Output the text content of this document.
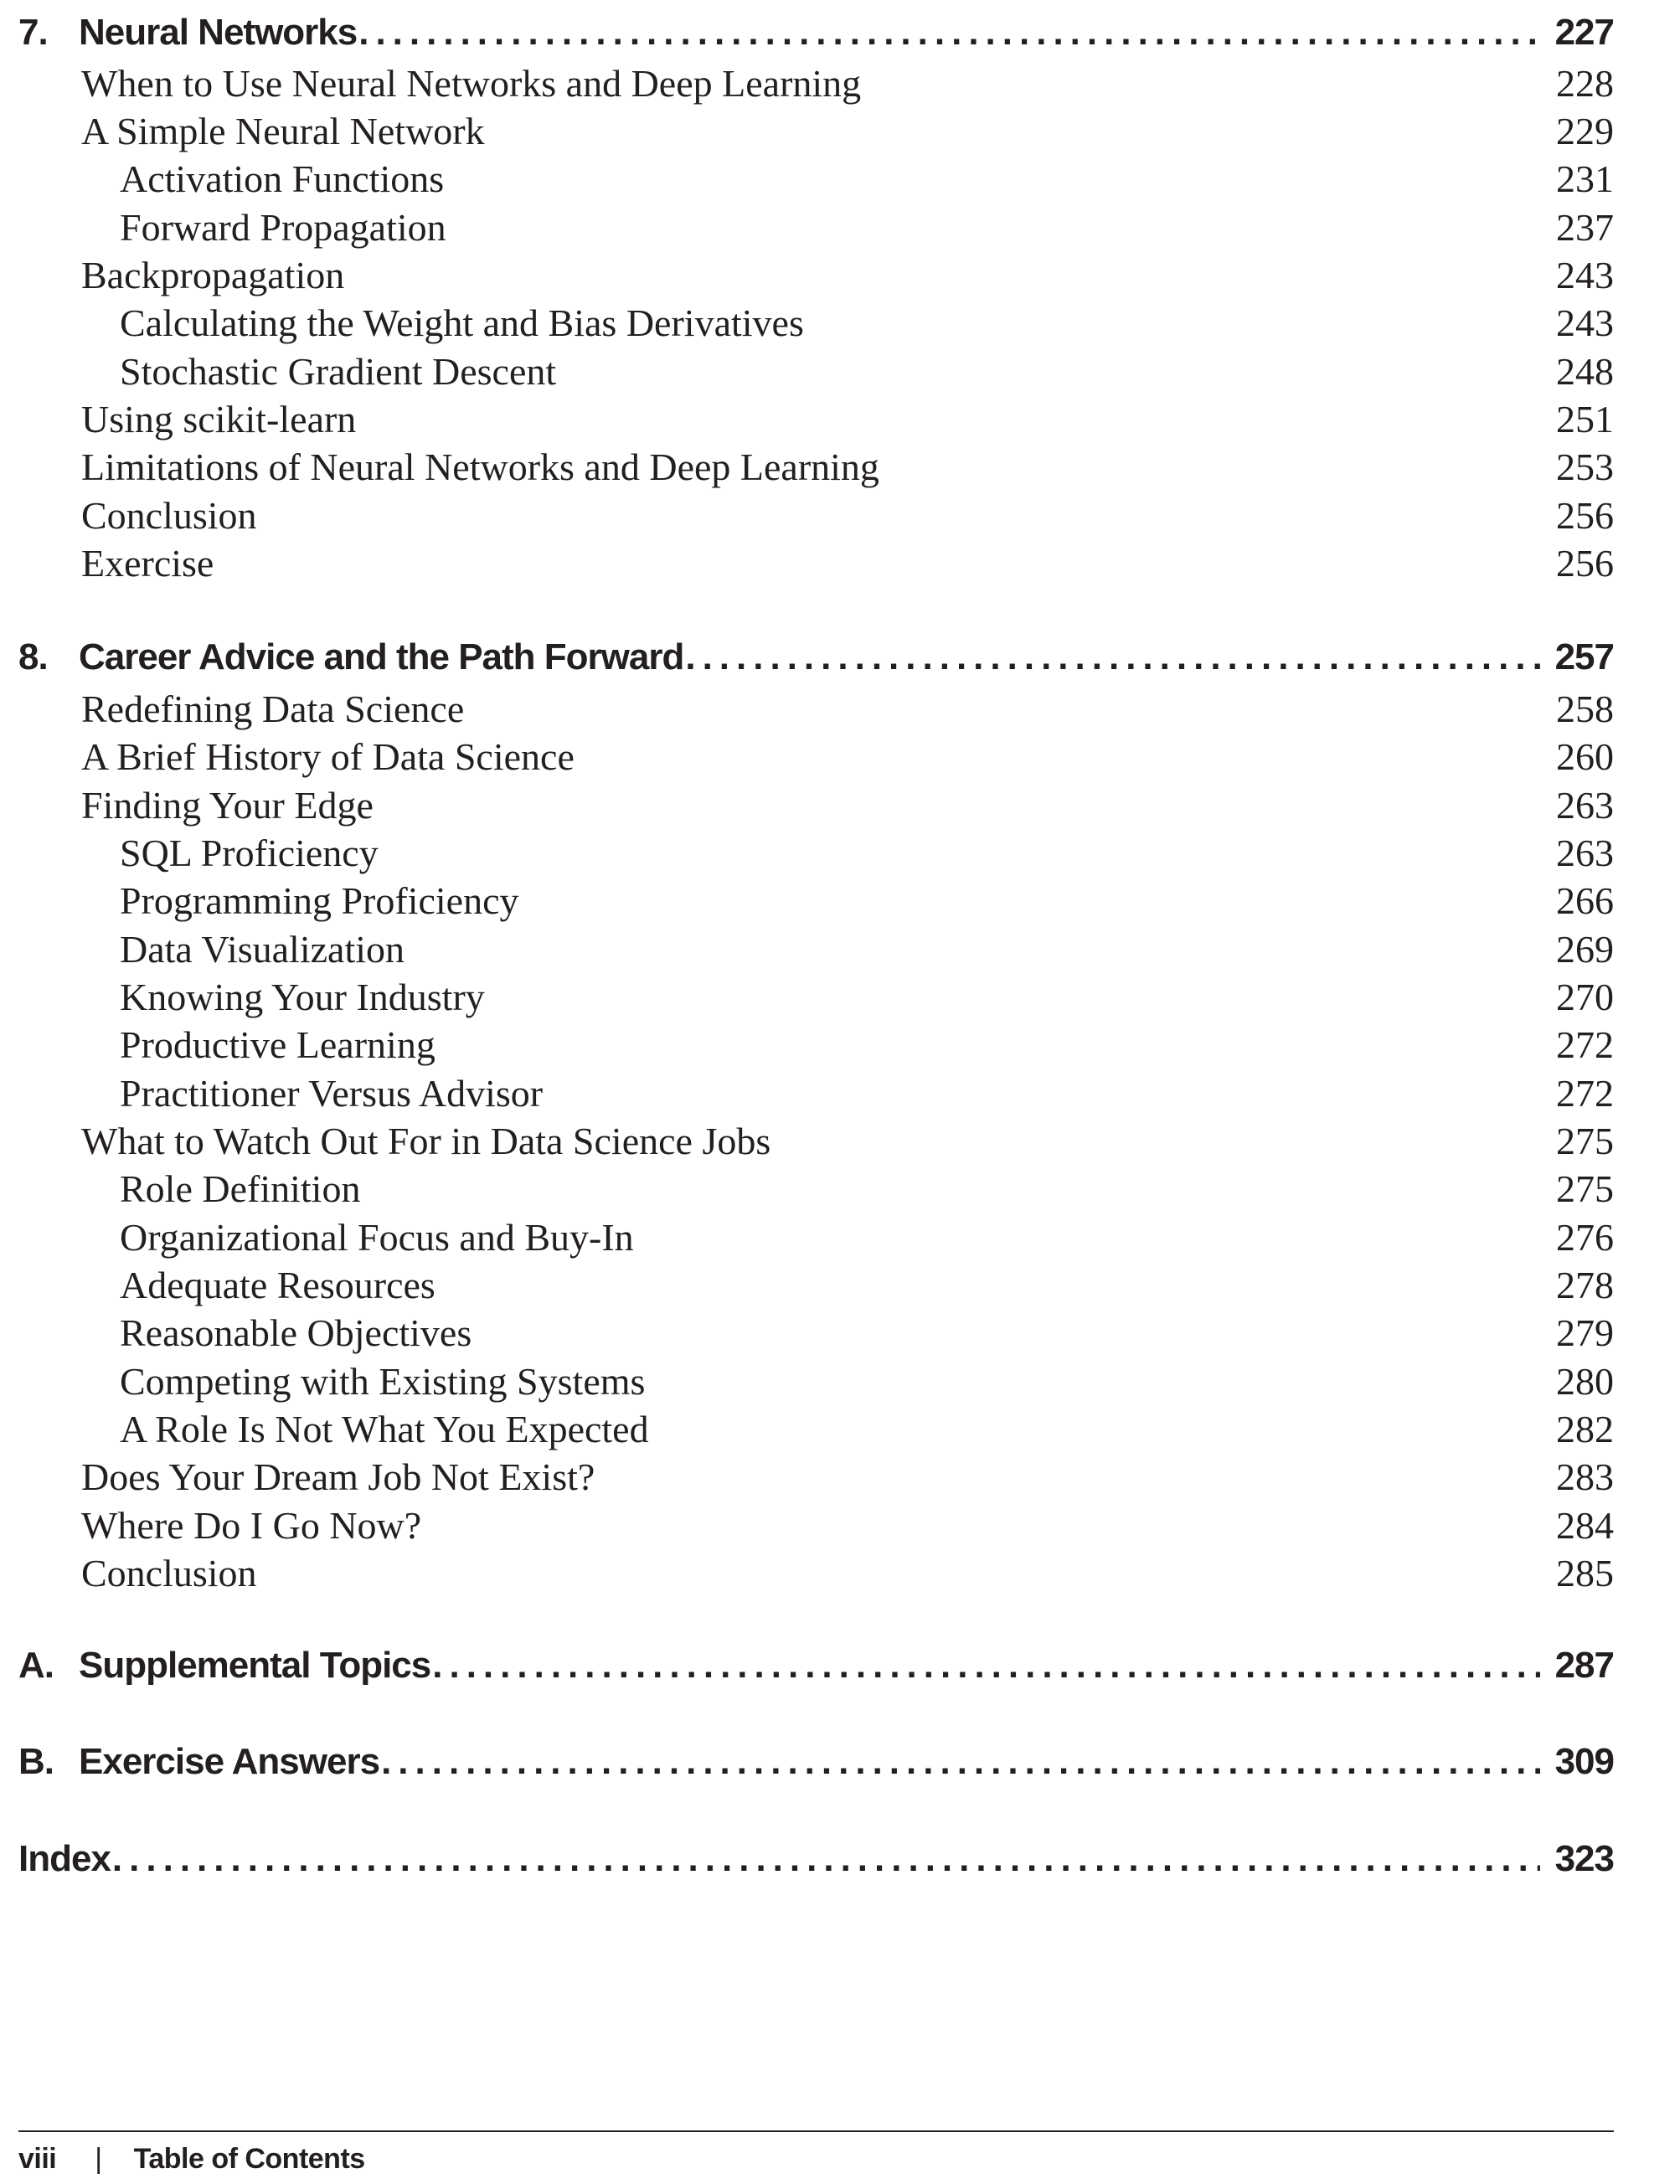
7. Neural Networks .....	227
When to Use Neural Networks and Deep Learning	228
A Simple Neural Network	229
Activation Functions	231
Forward Propagation	237
Backpropagation	243
Calculating the Weight and Bias Derivatives	243
Stochastic Gradient Descent	248
Using scikit-learn	251
Limitations of Neural Networks and Deep Learning	253
Conclusion	256
Exercise	256
8. Career Advice and the Path Forward .....	257
Redefining Data Science	258
A Brief History of Data Science	260
Finding Your Edge	263
SQL Proficiency	263
Programming Proficiency	266
Data Visualization	269
Knowing Your Industry	270
Productive Learning	272
Practitioner Versus Advisor	272
What to Watch Out For in Data Science Jobs	275
Role Definition	275
Organizational Focus and Buy-In	276
Adequate Resources	278
Reasonable Objectives	279
Competing with Existing Systems	280
A Role Is Not What You Expected	282
Does Your Dream Job Not Exist?	283
Where Do I Go Now?	284
Conclusion	285
A. Supplemental Topics .....	287
B. Exercise Answers .....	309
Index .....	323
viii | Table of Contents
